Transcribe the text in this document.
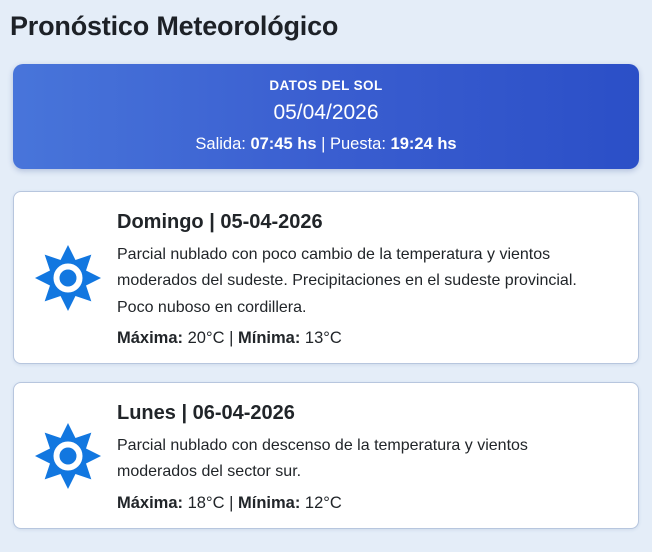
Pronóstico Meteorológico
DATOS DEL SOL
05/04/2026
Salida: 07:45 hs | Puesta: 19:24 hs
Domingo | 05-04-2026

Parcial nublado con poco cambio de la temperatura y vientos moderados del sudeste. Precipitaciones en el sudeste provincial. Poco nuboso en cordillera.

Máxima: 20°C | Mínima: 13°C

Lunes | 06-04-2026

Parcial nublado con descenso de la temperatura y vientos moderados del sector sur.

Máxima: 18°C | Mínima: 12°C
